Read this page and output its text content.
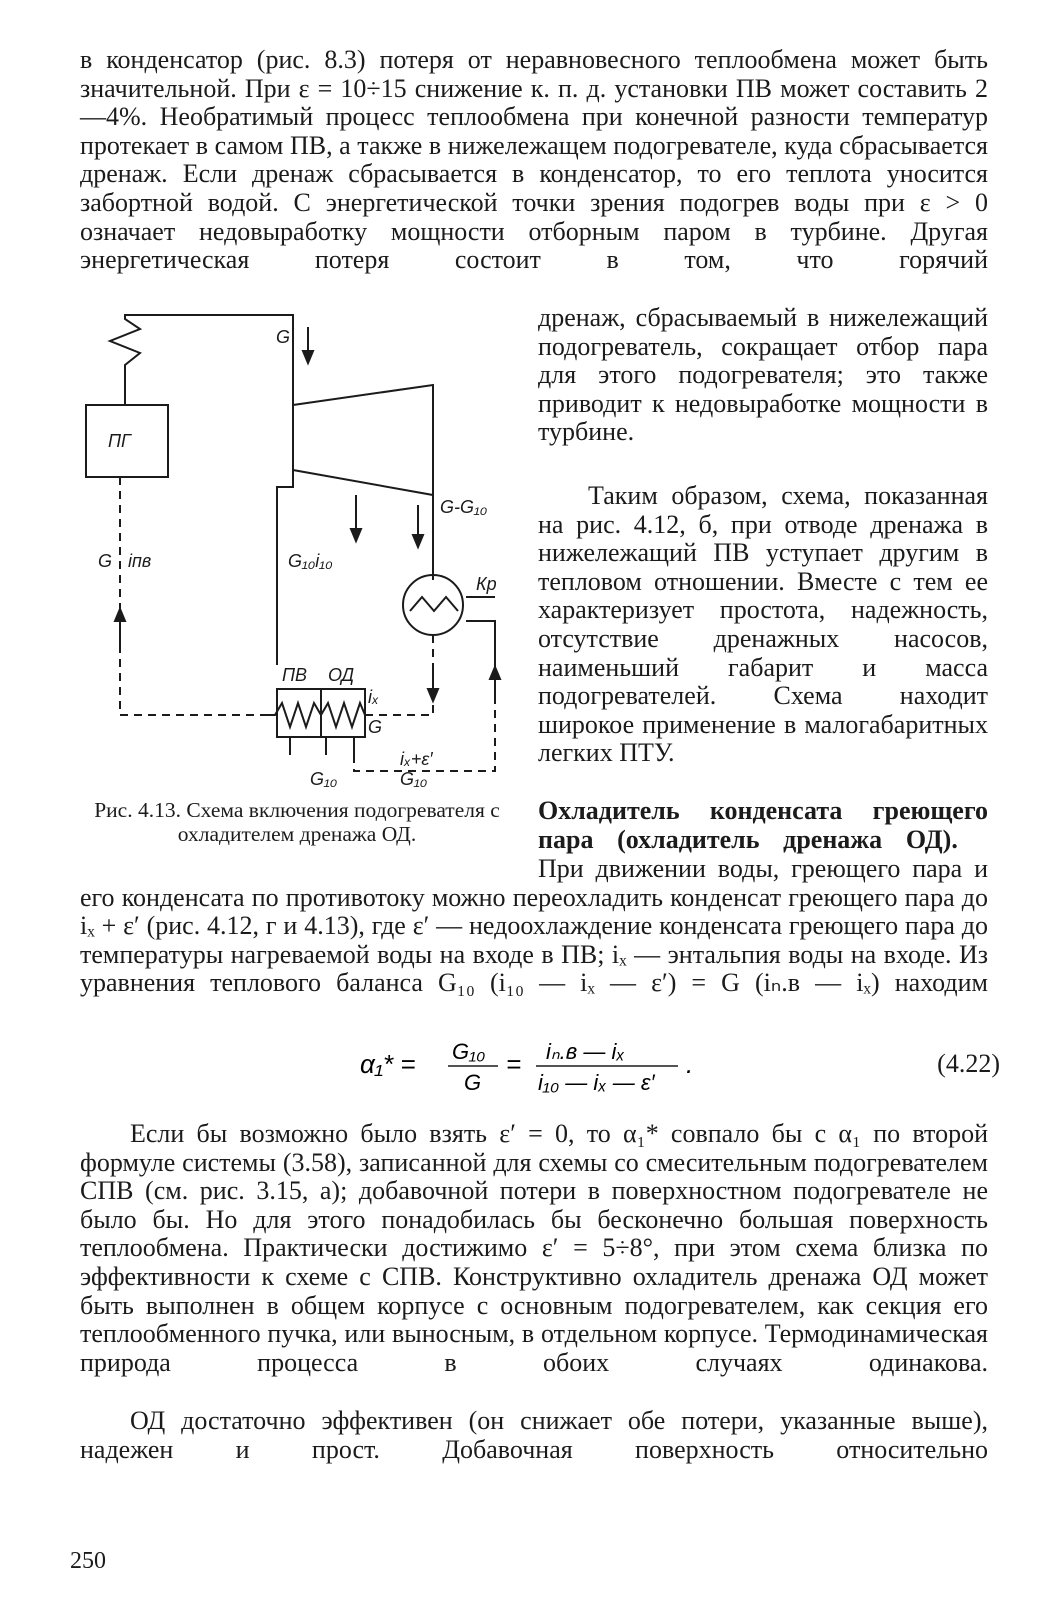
в конденсатор (рис. 8.3) потеря от неравновесного теплообмена может быть значительной. При ε = 10÷15 снижение к. п. д. установки ПВ может составить 2—4%. Необратимый процесс теплообмена при конечной разности температур протекает в самом ПВ, а также в нижележащем подогревателе, куда сбрасывается дренаж. Если дренаж сбрасывается в конденсатор, то его теплота уносится забортной водой. С энергетической точки зрения подогрев воды при ε > 0 означает недовыработку мощности отборным паром в турбине. Другая энергетическая потеря состоит в том, что горячий

дренаж, сбрасываемый в нижележащий подогреватель, сокращает отбор пара для этого подогревателя; это также приводит к недовыработке мощности в турбине.

Таким образом, схема, показанная на рис. 4.12, б, при отводе дренажа в нижележащий ПВ уступает другим в тепловом отношении. Вместе с тем ее характеризует простота, надежность, отсутствие дренажных насосов, наименьший габарит и масса подогревателей. Схема находит широкое применение в малогабаритных легких ПТУ.

Охладитель конденсата греющего пара (охладитель дренажа ОД).

При движении воды, греющего пара и его конденсата по противотоку можно переохладить конденсат греющего пара до iₓ + ε′ (рис. 4.12, г и 4.13), где ε′ — недоохлаждение конденсата греющего пара до температуры нагреваемой воды на входе в ПВ; iₓ — энтальпия воды на входе. Из уравнения теплового баланса G₁₀ (i₁₀ — iₓ — ε′) = G (iₙ.в — iₓ) находим

α₁* = G₁₀
G
= iₙ.в — iₓ
i₁₀ — iₓ — ε′
.	(4.22)

Если бы возможно было взять ε′ = 0, то α₁* совпало бы с α₁ по второй формуле системы (3.58), записанной для схемы со смесительным подогревателем СПВ (см. рис. 3.15, а); добавочной потери в поверхностном подогревателе не было бы. Но для этого понадобилась бы бесконечно большая поверхность теплообмена. Практически достижимо ε′ = 5÷8°, при этом схема близка по эффективности к схеме с СПВ. Конструктивно охладитель дренажа ОД может быть выполнен в общем корпусе с основным подогревателем, как секция его теплообменного пучка, или выносным, в отдельном корпусе. Термодинамическая природа процесса в обоих случаях одинакова.

ОД достаточно эффективен (он снижает обе потери, указанные выше), надежен и прост. Добавочная поверхность относительно

ПГ
G
G-G₁₀
G iпв	G₁₀i₁₀
Кр
ПВ ОД
iₓ
G
iₓ+ε′
G₁₀	G₁₀

Рис. 4.13. Схема включения подогревателя с охладителем дренажа ОД.

250
